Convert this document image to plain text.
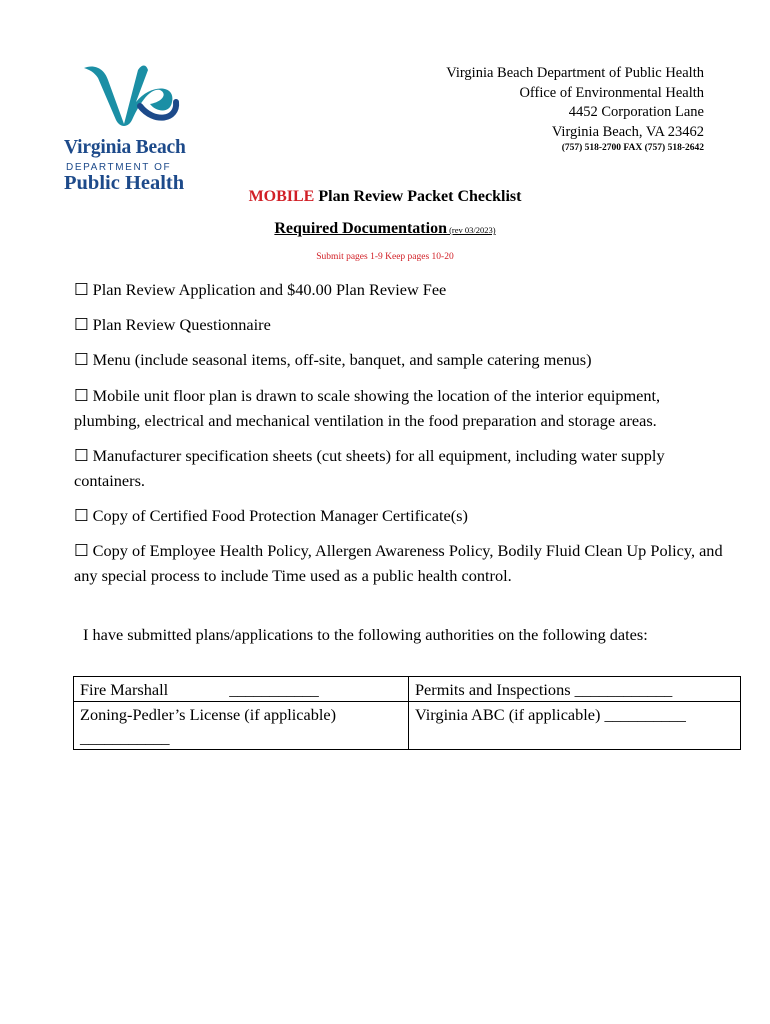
Virginia Beach
DEPARTMENT OF
Public Health
Virginia Beach Department of Public Health
Office of Environmental Health
4452 Corporation Lane
Virginia Beach, VA 23462
(757) 518-2700 FAX (757) 518-2642
MOBILE Plan Review Packet Checklist
Required Documentation (rev 03/2023)
Submit pages 1-9 Keep pages 10-20
☐ Plan Review Application and $40.00 Plan Review Fee
☐ Plan Review Questionnaire
☐ Menu (include seasonal items, off-site, banquet, and sample catering menus)
☐ Mobile unit floor plan is drawn to scale showing the location of the interior equipment, plumbing, electrical and mechanical ventilation in the food preparation and storage areas.
☐ Manufacturer specification sheets (cut sheets) for all equipment, including water supply containers.
☐ Copy of Certified Food Protection Manager Certificate(s)
☐ Copy of Employee Health Policy, Allergen Awareness Policy, Bodily Fluid Clean Up Policy, and any special process to include Time used as a public health control.
I have submitted plans/applications to the following authorities on the following dates:
Fire Marshall               ___________	Permits and Inspections ____________

Zoning-Pedler’s License (if applicable)
___________	Virginia ABC (if applicable) __________
